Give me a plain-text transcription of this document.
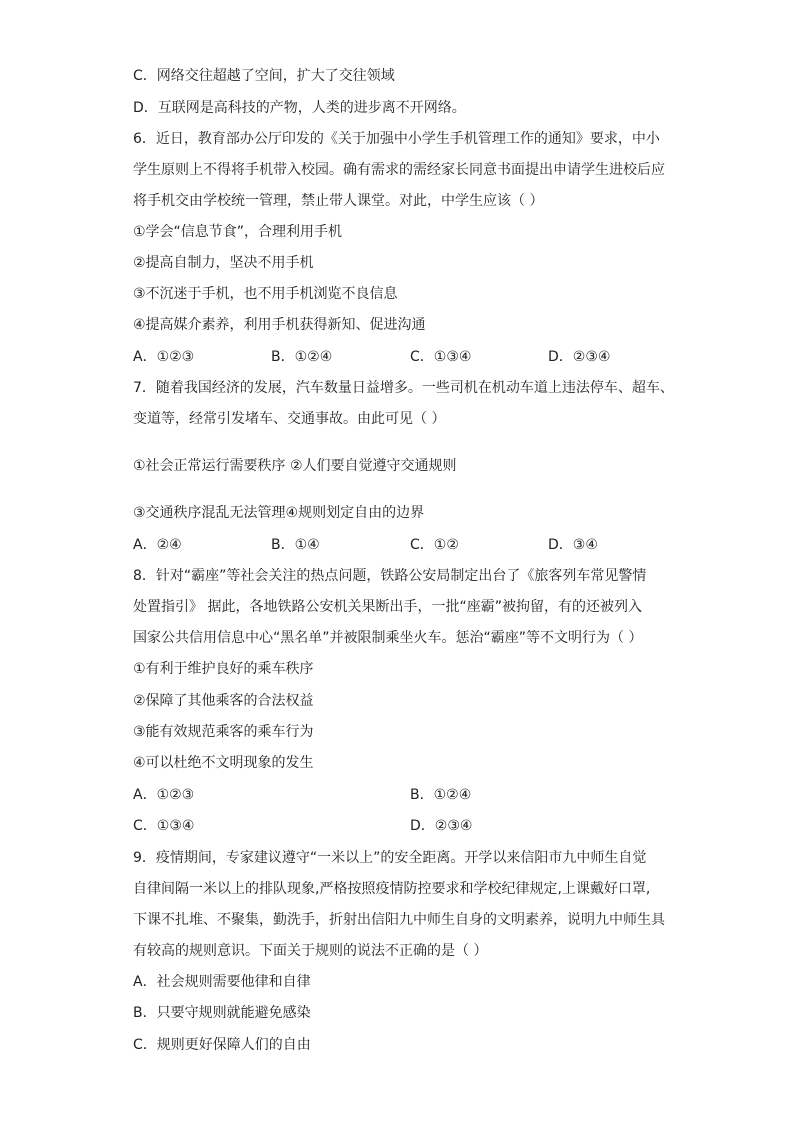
C．网络交往超越了空间，扩大了交往领域
D．互联网是高科技的产物，人类的进步离不开网络。
6．近日，教育部办公厅印发的《关于加强中小学生手机管理工作的通知》要求，中小
学生原则上不得将手机带入校园。确有需求的需经家长同意书面提出申请学生进校后应
将手机交由学校统一管理，禁止带人课堂。对此，中学生应该（ ）
①学会“信息节食”，合理利用手机
②提高自制力，坚决不用手机
③不沉迷于手机，也不用手机浏览不良信息
④提高媒介素养，利用手机获得新知、促进沟通
A．①②③	B．①②④	C．①③④	D．②③④
7．随着我国经济的发展，汽车数量日益增多。一些司机在机动车道上违法停车、超车、
变道等，经常引发堵车、交通事故。由此可见（ ）
①社会正常运行需要秩序 ②人们要自觉遵守交通规则
③交通秩序混乱无法管理④规则划定自由的边界
A．②④	B．①④	C．①②	D．③④
8．针对“霸座”等社会关注的热点问题，铁路公安局制定出台了《旅客列车常见警情
处置指引》 据此，各地铁路公安机关果断出手，一批“座霸”被拘留，有的还被列入
国家公共信用信息中心“黑名单”并被限制乘坐火车。惩治“霸座”等不文明行为（ ）
①有利于维护良好的乘车秩序
②保障了其他乘客的合法权益
③能有效规范乘客的乘车行为
④可以杜绝不文明现象的发生
A．①②③	B．①②④
C．①③④	D．②③④
9．疫情期间，专家建议遵守“一米以上”的安全距离。开学以来信阳市九中师生自觉
自律间隔一米以上的排队现象,严格按照疫情防控要求和学校纪律规定,上课戴好口罩,
下课不扎堆、不聚集，勤洗手，折射出信阳九中师生自身的文明素养，说明九中师生具
有较高的规则意识。下面关于规则的说法不正确的是（ ）
A．社会规则需要他律和自律
B．只要守规则就能避免感染
C．规则更好保障人们的自由
